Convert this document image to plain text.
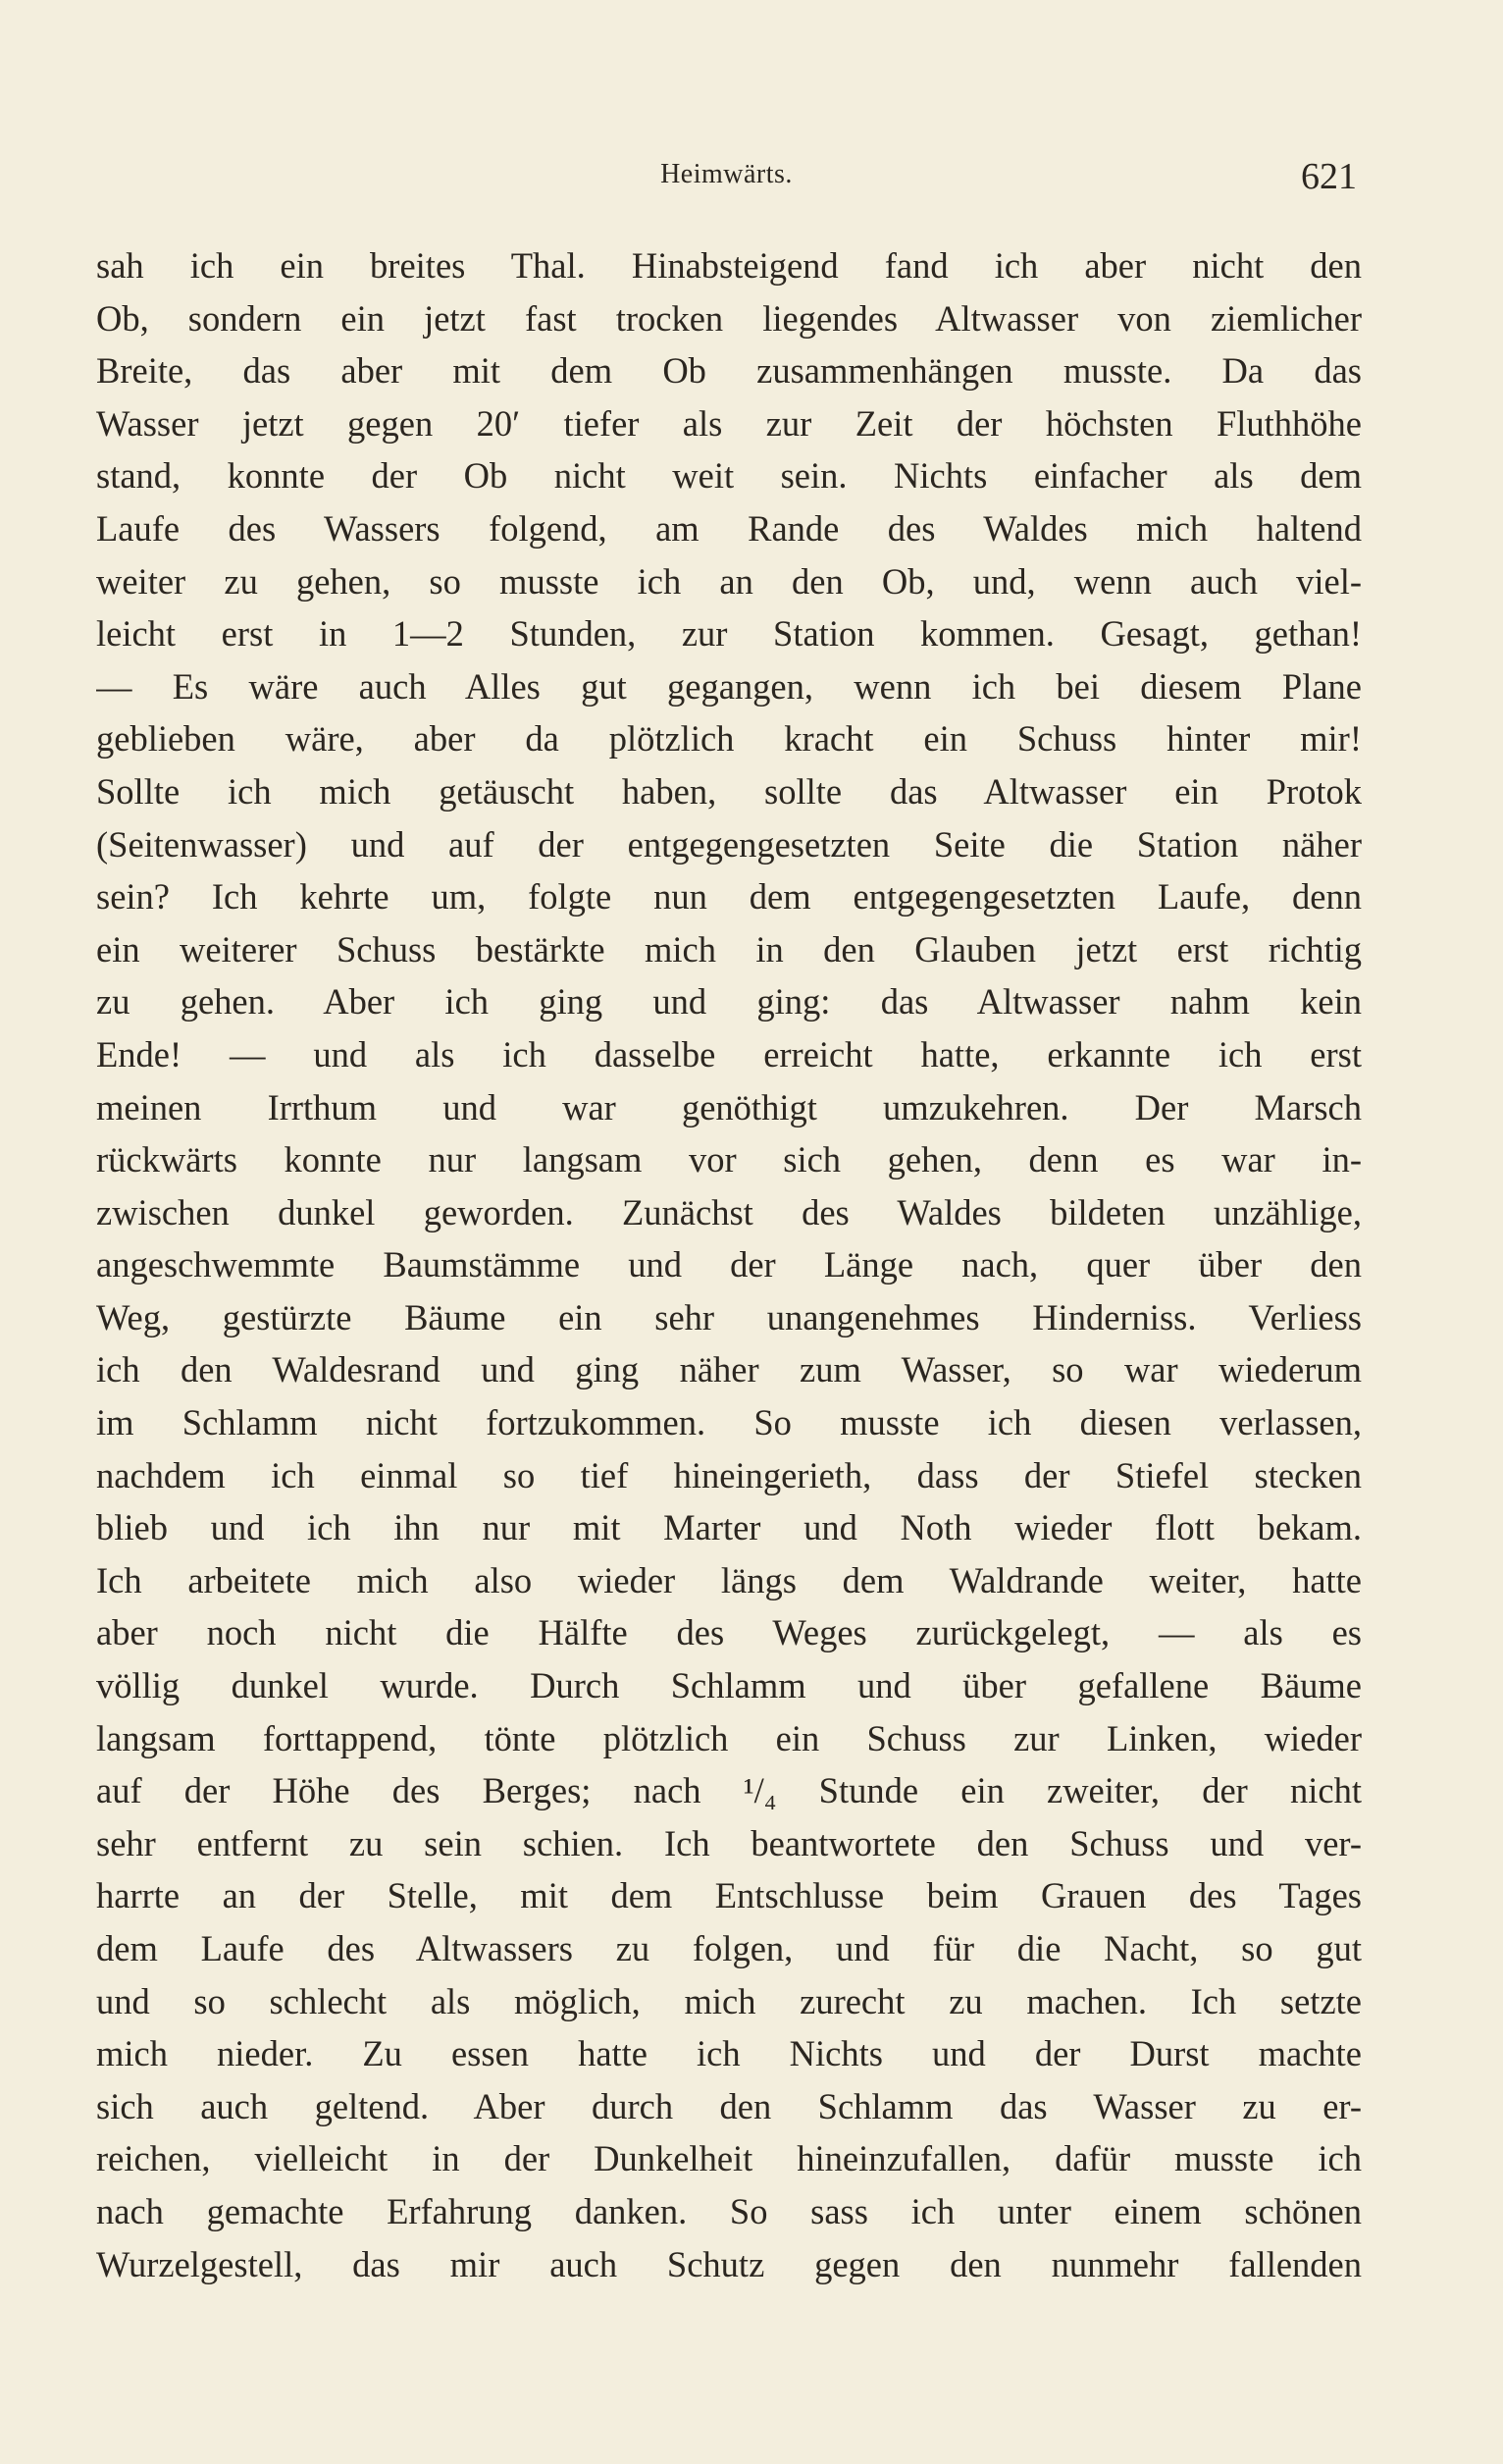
Heimwärts.	621
sah ich ein breites Thal. Hinabsteigend fand ich aber nicht den
Ob, sondern ein jetzt fast trocken liegendes Altwasser von ziemlicher
Breite, das aber mit dem Ob zusammenhängen musste. Da das
Wasser jetzt gegen 20′ tiefer als zur Zeit der höchsten Fluthhöhe
stand, konnte der Ob nicht weit sein. Nichts einfacher als dem
Laufe des Wassers folgend, am Rande des Waldes mich haltend
weiter zu gehen, so musste ich an den Ob, und, wenn auch viel-
leicht erst in 1—2 Stunden, zur Station kommen. Gesagt, gethan!
— Es wäre auch Alles gut gegangen, wenn ich bei diesem Plane
geblieben wäre, aber da plötzlich kracht ein Schuss hinter mir!
Sollte ich mich getäuscht haben, sollte das Altwasser ein Protok
(Seitenwasser) und auf der entgegengesetzten Seite die Station näher
sein? Ich kehrte um, folgte nun dem entgegengesetzten Laufe, denn
ein weiterer Schuss bestärkte mich in den Glauben jetzt erst richtig
zu gehen. Aber ich ging und ging: das Altwasser nahm kein
Ende! — und als ich dasselbe erreicht hatte, erkannte ich erst
meinen Irrthum und war genöthigt umzukehren. Der Marsch
rückwärts konnte nur langsam vor sich gehen, denn es war in-
zwischen dunkel geworden. Zunächst des Waldes bildeten unzählige,
angeschwemmte Baumstämme und der Länge nach, quer über den
Weg, gestürzte Bäume ein sehr unangenehmes Hinderniss. Verliess
ich den Waldesrand und ging näher zum Wasser, so war wiederum
im Schlamm nicht fortzukommen. So musste ich diesen verlassen,
nachdem ich einmal so tief hineingerieth, dass der Stiefel stecken
blieb und ich ihn nur mit Marter und Noth wieder flott bekam.
Ich arbeitete mich also wieder längs dem Waldrande weiter, hatte
aber noch nicht die Hälfte des Weges zurückgelegt, — als es
völlig dunkel wurde. Durch Schlamm und über gefallene Bäume
langsam forttappend, tönte plötzlich ein Schuss zur Linken, wieder
auf der Höhe des Berges; nach ¹/₄ Stunde ein zweiter, der nicht
sehr entfernt zu sein schien. Ich beantwortete den Schuss und ver-
harrte an der Stelle, mit dem Entschlusse beim Grauen des Tages
dem Laufe des Altwassers zu folgen, und für die Nacht, so gut
und so schlecht als möglich, mich zurecht zu machen. Ich setzte
mich nieder. Zu essen hatte ich Nichts und der Durst machte
sich auch geltend. Aber durch den Schlamm das Wasser zu er-
reichen, vielleicht in der Dunkelheit hineinzufallen, dafür musste ich
nach gemachte Erfahrung danken. So sass ich unter einem schönen
Wurzelgestell, das mir auch Schutz gegen den nunmehr fallenden
